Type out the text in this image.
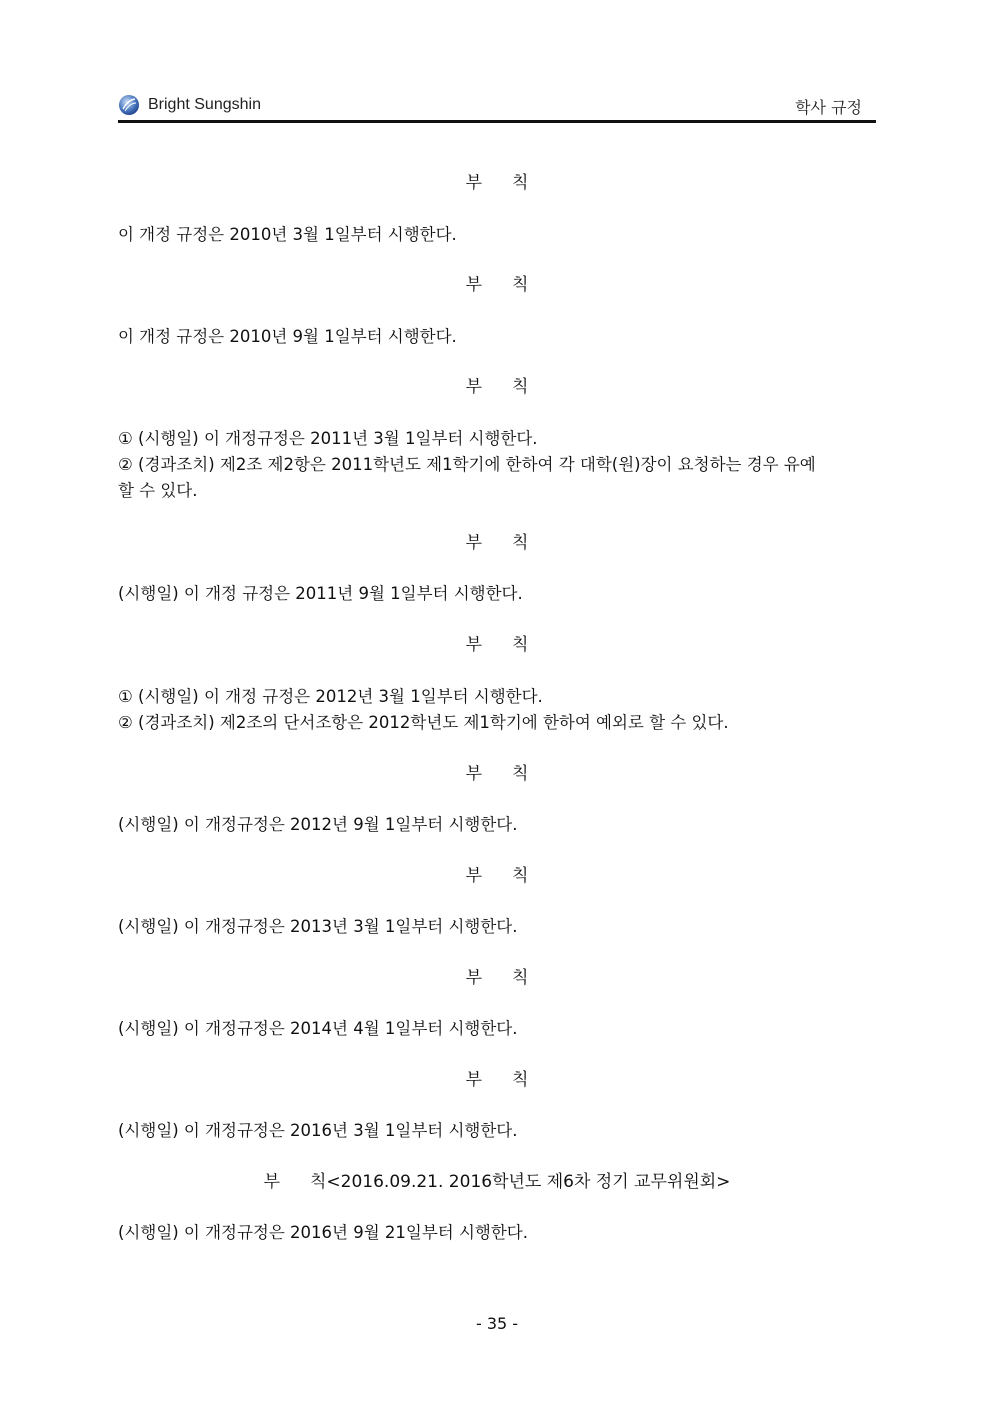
Bright Sungshin	학사 규정
부 칙
이 개정 규정은 2010년 3월 1일부터 시행한다.
부 칙
이 개정 규정은 2010년 9월 1일부터 시행한다.
부 칙
① (시행일) 이 개정규정은 2011년 3월 1일부터 시행한다.
② (경과조치) 제2조 제2항은 2011학년도 제1학기에 한하여 각 대학(원)장이 요청하는 경우 유예
할 수 있다.
부 칙
(시행일) 이 개정 규정은 2011년 9월 1일부터 시행한다.
부 칙
① (시행일) 이 개정 규정은 2012년 3월 1일부터 시행한다.
② (경과조치) 제2조의 단서조항은 2012학년도 제1학기에 한하여 예외로 할 수 있다.
부 칙
(시행일) 이 개정규정은 2012년 9월 1일부터 시행한다.
부 칙
(시행일) 이 개정규정은 2013년 3월 1일부터 시행한다.
부 칙
(시행일) 이 개정규정은 2014년 4월 1일부터 시행한다.
부 칙
(시행일) 이 개정규정은 2016년 3월 1일부터 시행한다.
부 칙<2016.09.21. 2016학년도 제6차 정기 교무위원회>
(시행일) 이 개정규정은 2016년 9월 21일부터 시행한다.
- 35 -
